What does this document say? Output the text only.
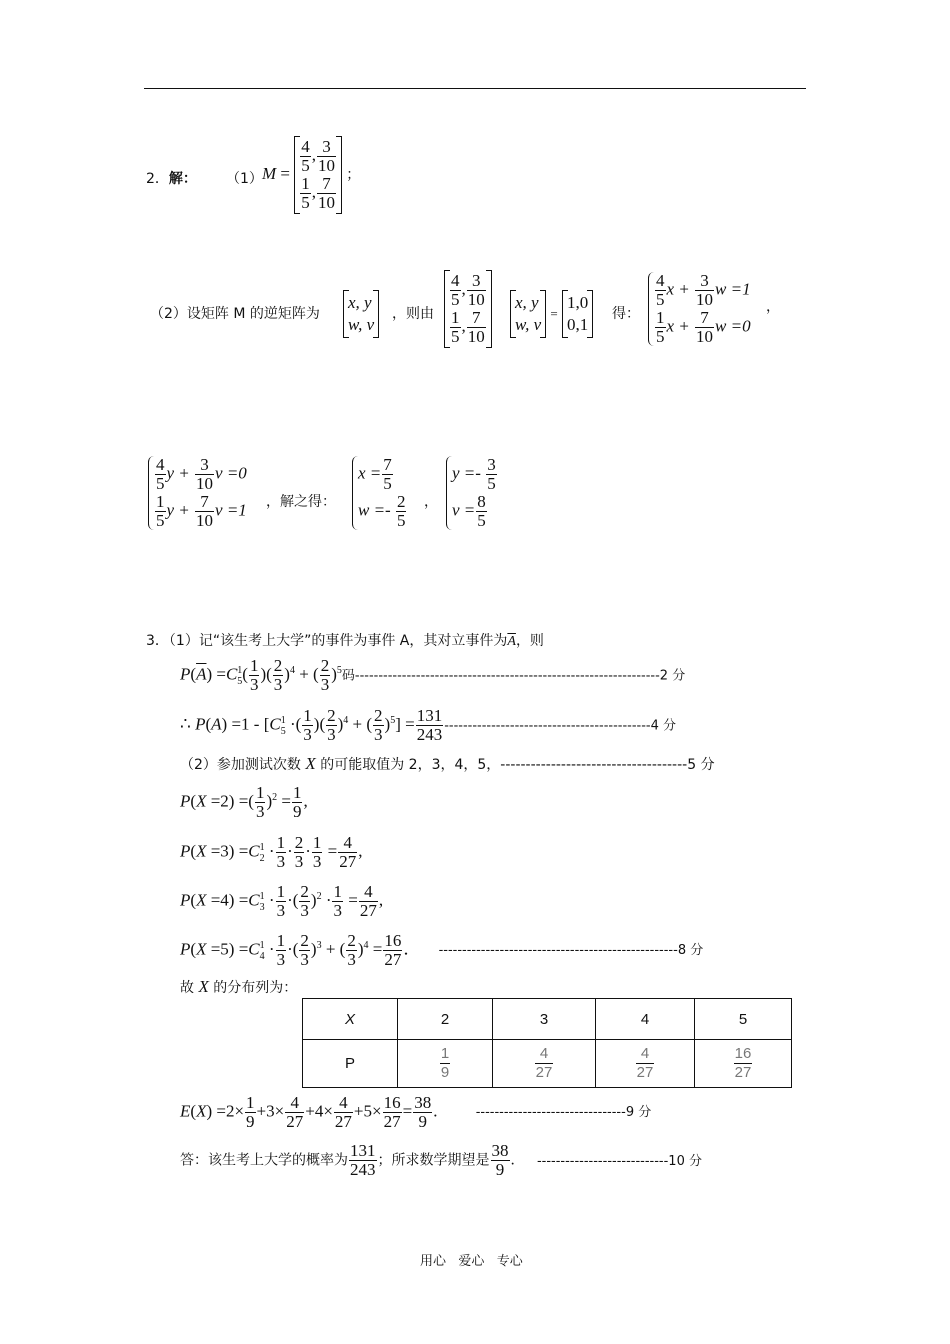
2．解： （1） $M = \frac{4}{5}$ , $\frac{3}{10}$
$\frac{1}{5}$ , $\frac{7}{10}$
；
（2）设矩阵 M 的逆矩阵为
x, y
w, v
，则由
$\frac{4}{5}$ , $\frac{3}{10}$
$\frac{1}{5}$ , $\frac{7}{10}$
x, y
w, v
=
1,0
0,1
得：
$\frac{4}{5}$ $x + \frac{3}{10}$ w =1
$\frac{1}{5}$ $x + \frac{7}{10}$ w =0
，
$\frac{4}{5}$ $y + \frac{3}{10}$ v =0
$\frac{1}{5}$ $y + \frac{7}{10}$ v =1 ，解之得：
$x = \frac{7}{5}$
$w =- \frac{2}{5}$ ，
$y =- \frac{3}{5}$
$v = \frac{8}{5}$
3．（1）记“该生考上大学”的事件为事件 A，其对立事件为$\overline{A}$，则
$P(\overline{A}) =C_5^1( \frac{1}{3}$ )( $\frac{2}{3} )^4$ + ( $\frac{2}{3} )^5$码-----------------------------------------------------------------2 分
∴ $P(A) =1 - [C_5^1$ ·( $\frac{1}{3}$ )( $\frac{2}{3} )^4$ + ( $\frac{2}{3} )^5] = \frac{131}{243} --------------------------------------------4$ 分
（2）参加测试次数 X 的可能取值为 2，3，4，5，-------------------------------------5 分
P(X =2) =( $\frac{1}{3} )^2 = \frac{1}{9}$ ,
$P(X =3) =C_2^1 \cdot \frac{1}{3} \cdot \frac{2}{3} \cdot \frac{1}{3} = \frac{4}{27}$ ,
$P(X =4) =C_3^1 \cdot \frac{1}{3}$ ·( $\frac{2}{3} )^2 \cdot \frac{1}{3} = \frac{4}{27}$ ,
$P(X =5) =C_4^1 \cdot \frac{1}{3}$ ·( $\frac{2}{3} )^3$ + ( $\frac{2}{3} )^4 = \frac{16}{27}$ ． ---------------------------------------------------8 分
故 X 的分布列为：
X	2	3	4	5
P	$\frac{1}{9}$	$\frac{4}{27}$	$\frac{4}{27}$	$\frac{16}{27}$
$E(X) =2\times \frac{1}{9} +3\times \frac{4}{27} +4\times \frac{4}{27} +5\times \frac{16}{27} = \frac{38}{9}$ .	--------------------------------9 分
答：该生考上大学的概率为 $\frac{131}{243}$ ；所求数学期望是 $\frac{38}{9}$ ． ----------------------------10 分
用心   爱心   专心
